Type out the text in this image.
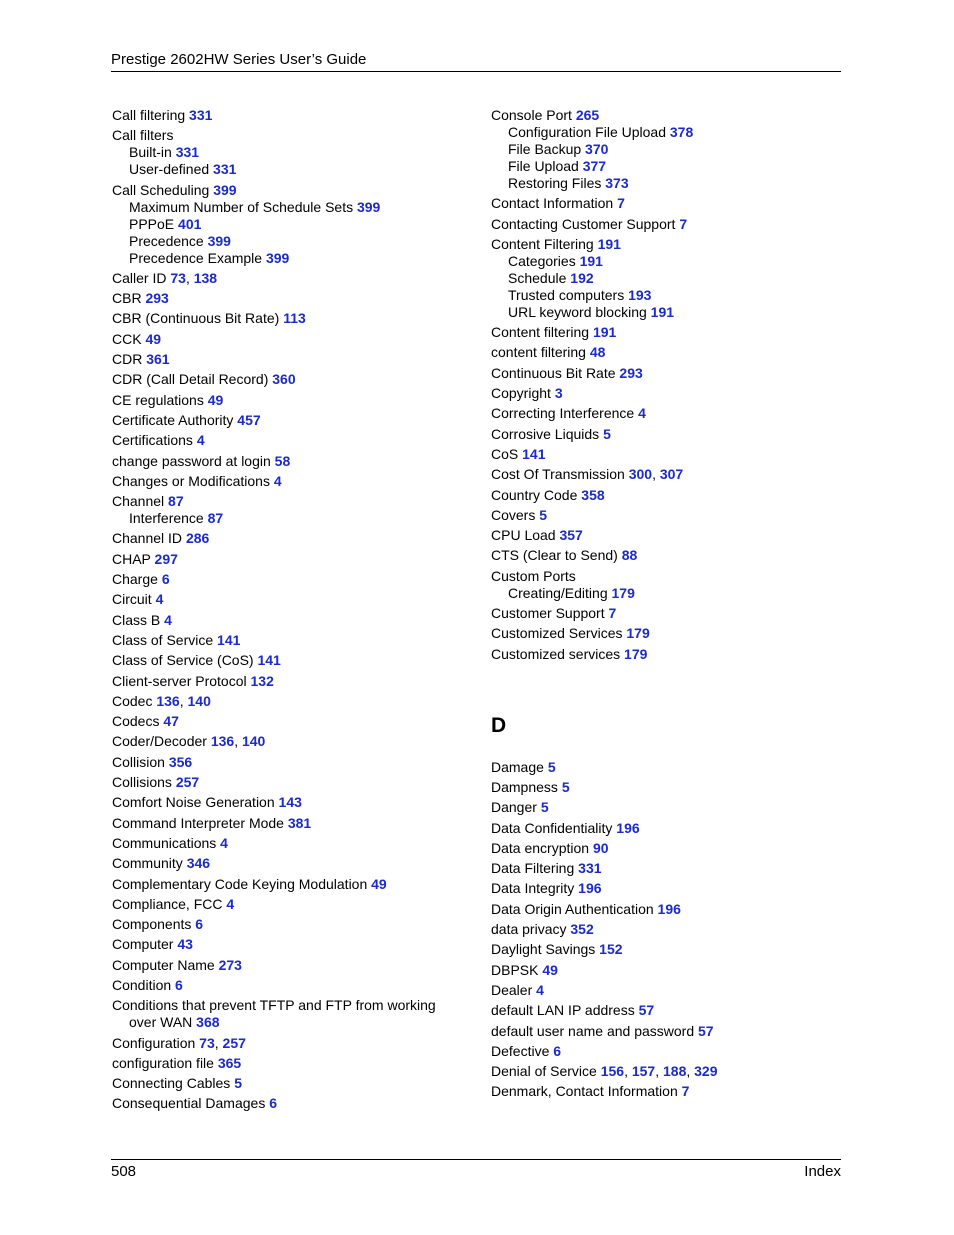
Prestige 2602HW Series User’s Guide
Call filtering 331
Call filters
Built-in 331
User-defined 331
Call Scheduling 399
Maximum Number of Schedule Sets 399
PPPoE 401
Precedence 399
Precedence Example 399
Caller ID 73, 138
CBR 293
CBR (Continuous Bit Rate) 113
CCK 49
CDR 361
CDR (Call Detail Record) 360
CE regulations 49
Certificate Authority 457
Certifications 4
change password at login 58
Changes or Modifications 4
Channel 87
Interference 87
Channel ID 286
CHAP 297
Charge 6
Circuit 4
Class B 4
Class of Service 141
Class of Service (CoS) 141
Client-server Protocol 132
Codec 136, 140
Codecs 47
Coder/Decoder 136, 140
Collision 356
Collisions 257
Comfort Noise Generation 143
Command Interpreter Mode 381
Communications 4
Community 346
Complementary Code Keying Modulation 49
Compliance, FCC 4
Components 6
Computer 43
Computer Name 273
Condition 6
Conditions that prevent TFTP and FTP from working
over WAN 368
Configuration 73, 257
configuration file 365
Connecting Cables 5
Consequential Damages 6
Console Port 265
Configuration File Upload 378
File Backup 370
File Upload 377
Restoring Files 373
Contact Information 7
Contacting Customer Support 7
Content Filtering 191
Categories 191
Schedule 192
Trusted computers 193
URL keyword blocking 191
Content filtering 191
content filtering 48
Continuous Bit Rate 293
Copyright 3
Correcting Interference 4
Corrosive Liquids 5
CoS 141
Cost Of Transmission 300, 307
Country Code 358
Covers 5
CPU Load 357
CTS (Clear to Send) 88
Custom Ports
Creating/Editing 179
Customer Support 7
Customized Services 179
Customized services 179
D
Damage 5
Dampness 5
Danger 5
Data Confidentiality 196
Data encryption 90
Data Filtering 331
Data Integrity 196
Data Origin Authentication 196
data privacy 352
Daylight Savings 152
DBPSK 49
Dealer 4
default LAN IP address 57
default user name and password 57
Defective 6
Denial of Service 156, 157, 188, 329
Denmark, Contact Information 7
508	Index
